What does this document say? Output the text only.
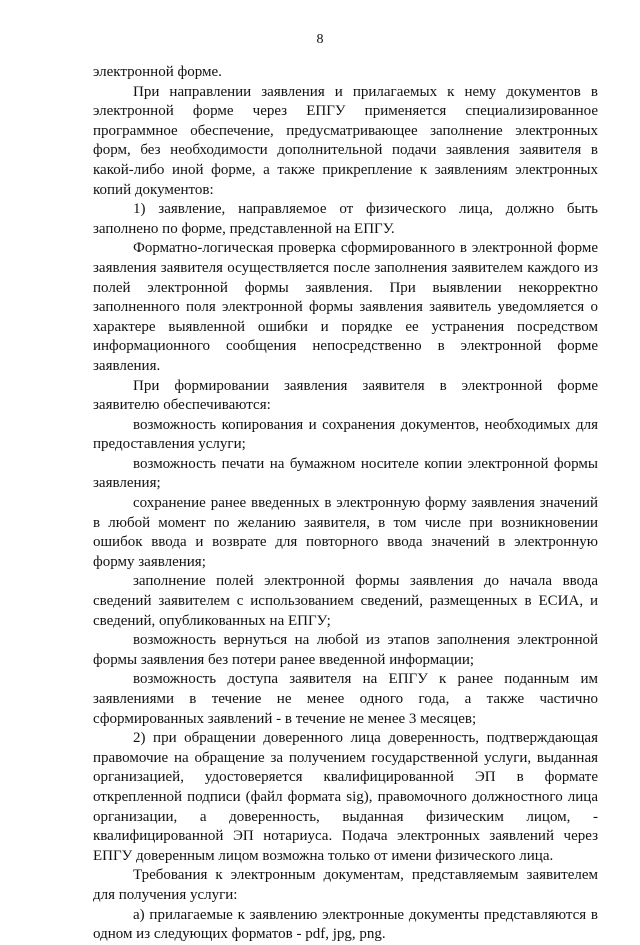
8

электронной форме.

При направлении заявления и прилагаемых к нему документов в электронной форме через ЕПГУ применяется специализированное программное обеспечение, предусматривающее заполнение электронных форм, без необходимости дополнительной подачи заявления заявителя в какой-либо иной форме, а также прикрепление к заявлениям электронных копий документов:

1) заявление, направляемое от физического лица, должно быть заполнено по форме, представленной на ЕПГУ.

Форматно-логическая проверка сформированного в электронной форме заявления заявителя осуществляется после заполнения заявителем каждого из полей электронной формы заявления. При выявлении некорректно заполненного поля электронной формы заявления заявитель уведомляется о характере выявленной ошибки и порядке ее устранения посредством информационного сообщения непосредственно в электронной форме заявления.

При формировании заявления заявителя в электронной форме заявителю обеспечиваются:

возможность копирования и сохранения документов, необходимых для предоставления услуги;

возможность печати на бумажном носителе копии электронной формы заявления;

сохранение ранее введенных в электронную форму заявления значений в любой момент по желанию заявителя, в том числе при возникновении ошибок ввода и возврате для повторного ввода значений в электронную форму заявления;

заполнение полей электронной формы заявления до начала ввода сведений заявителем с использованием сведений, размещенных в ЕСИА, и сведений, опубликованных на ЕПГУ;

возможность вернуться на любой из этапов заполнения электронной формы заявления без потери ранее введенной информации;

возможность доступа заявителя на ЕПГУ к ранее поданным им заявлениями в течение не менее одного года, а также частично сформированных заявлений - в течение не менее 3 месяцев;

2) при обращении доверенного лица доверенность, подтверждающая правомочие на обращение за получением государственной услуги, выданная организацией, удостоверяется квалифицированной ЭП в формате открепленной подписи (файл формата sig), правомочного должностного лица организации, а доверенность, выданная физическим лицом, - квалифицированной ЭП нотариуса. Подача электронных заявлений через ЕПГУ доверенным лицом возможна только от имени физического лица.

Требования к электронным документам, представляемым заявителем для получения услуги:

а) прилагаемые к заявлению электронные документы представляются в одном из следующих форматов - pdf, jpg, png.
